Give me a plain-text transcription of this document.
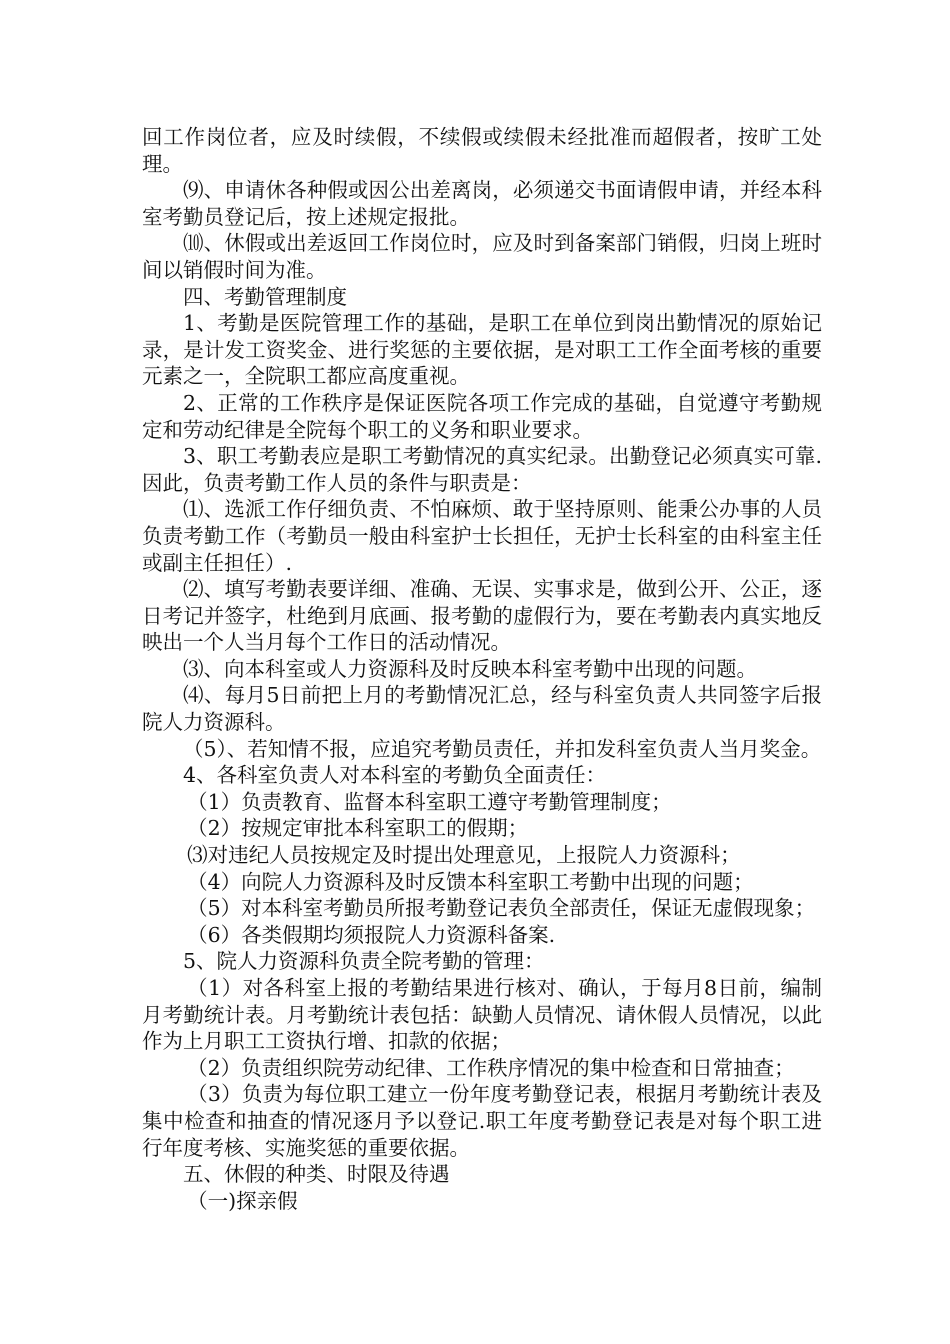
回工作岗位者，应及时续假，不续假或续假未经批准而超假者，按旷工处理。

⑼、申请休各种假或因公出差离岗，必须递交书面请假申请，并经本科室考勤员登记后，按上述规定报批。

⑽、休假或出差返回工作岗位时，应及时到备案部门销假，归岗上班时间以销假时间为准。

四、考勤管理制度

1、考勤是医院管理工作的基础，是职工在单位到岗出勤情况的原始记录，是计发工资奖金、进行奖惩的主要依据，是对职工工作全面考核的重要元素之一，全院职工都应高度重视。

2、正常的工作秩序是保证医院各项工作完成的基础，自觉遵守考勤规定和劳动纪律是全院每个职工的义务和职业要求。

3、职工考勤表应是职工考勤情况的真实纪录。出勤登记必须真实可靠.因此，负责考勤工作人员的条件与职责是：

⑴、选派工作仔细负责、不怕麻烦、敢于坚持原则、能秉公办事的人员负责考勤工作（考勤员一般由科室护士长担任，无护士长科室的由科室主任或副主任担任）.

⑵、填写考勤表要详细、准确、无误、实事求是，做到公开、公正，逐日考记并签字，杜绝到月底画、报考勤的虚假行为，要在考勤表内真实地反映出一个人当月每个工作日的活动情况。

⑶、向本科室或人力资源科及时反映本科室考勤中出现的问题。

⑷、每月5日前把上月的考勤情况汇总，经与科室负责人共同签字后报院人力资源科。

（5）、若知情不报，应追究考勤员责任，并扣发科室负责人当月奖金。

4、各科室负责人对本科室的考勤负全面责任：

（1）负责教育、监督本科室职工遵守考勤管理制度；

（2）按规定审批本科室职工的假期；

⑶对违纪人员按规定及时提出处理意见，上报院人力资源科；

（4）向院人力资源科及时反馈本科室职工考勤中出现的问题；

（5）对本科室考勤员所报考勤登记表负全部责任，保证无虚假现象；

（6）各类假期均须报院人力资源科备案.

5、院人力资源科负责全院考勤的管理：

（1）对各科室上报的考勤结果进行核对、确认，于每月8日前，编制月考勤统计表。月考勤统计表包括：缺勤人员情况、请休假人员情况，以此作为上月职工工资执行增、扣款的依据；

（2）负责组织院劳动纪律、工作秩序情况的集中检查和日常抽查；

（3）负责为每位职工建立一份年度考勤登记表，根据月考勤统计表及集中检查和抽查的情况逐月予以登记.职工年度考勤登记表是对每个职工进行年度考核、实施奖惩的重要依据。

五、休假的种类、时限及待遇

（一)探亲假
